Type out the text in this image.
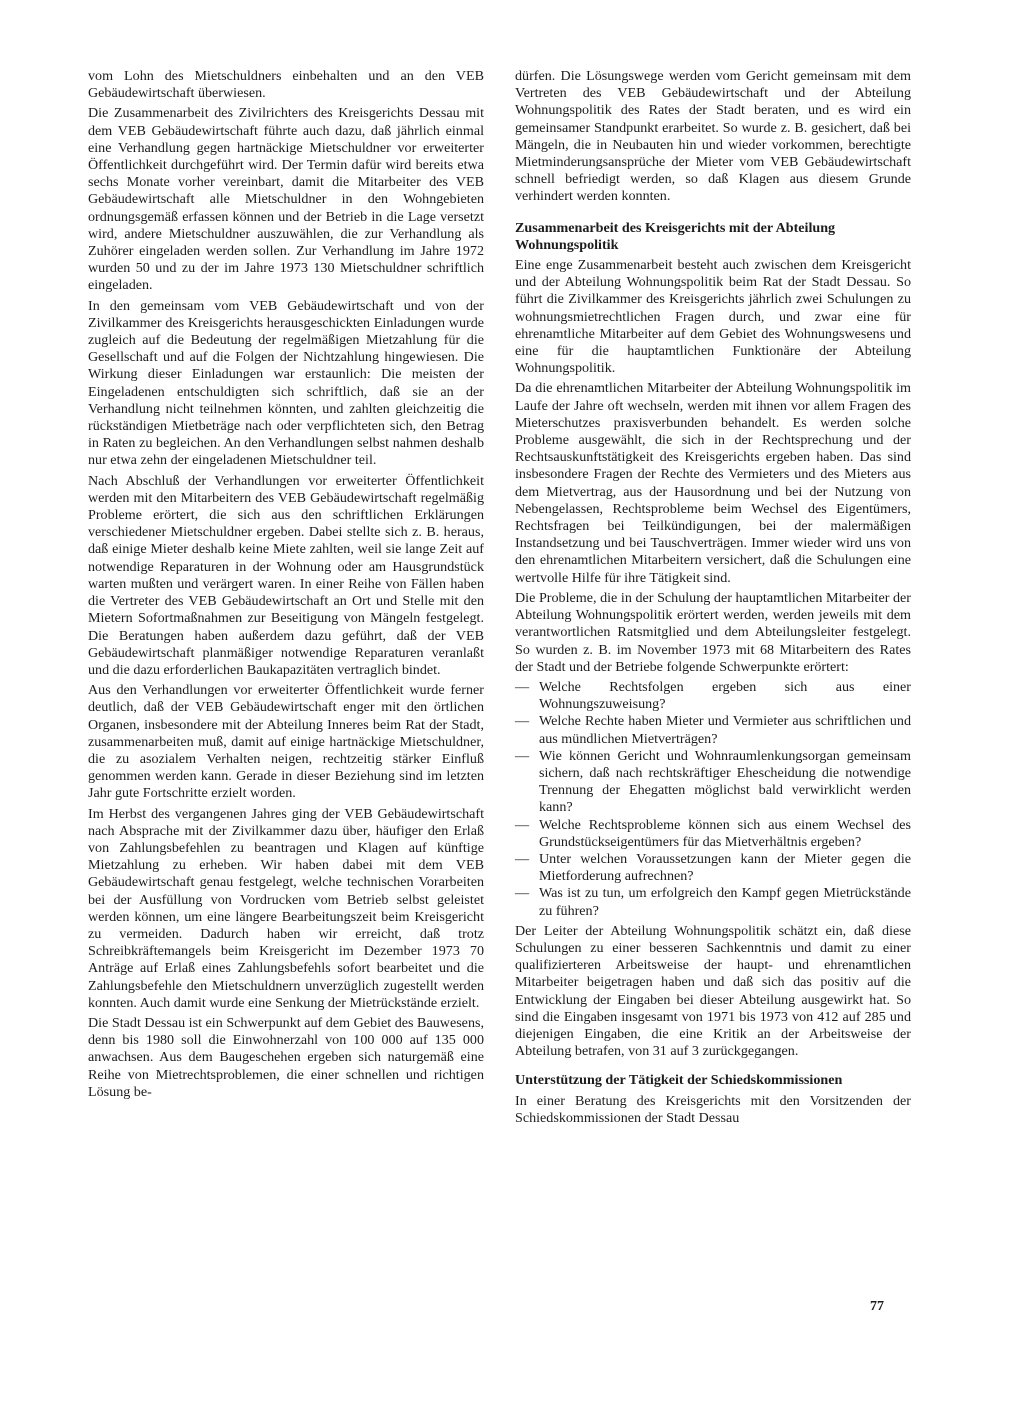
vom Lohn des Mietschuldners einbehalten und an den VEB Gebäudewirtschaft überwiesen.

Die Zusammenarbeit des Zivilrichters des Kreisgerichts Dessau mit dem VEB Gebäudewirtschaft führte auch dazu, daß jährlich einmal eine Verhandlung gegen hartnäckige Mietschuldner vor erweiterter Öffentlichkeit durchgeführt wird. Der Termin dafür wird bereits etwa sechs Monate vorher vereinbart, damit die Mitarbeiter des VEB Gebäudewirtschaft alle Mietschuldner in den Wohngebieten ordnungsgemäß erfassen können und der Betrieb in die Lage versetzt wird, andere Mietschuldner auszuwählen, die zur Verhandlung als Zuhörer eingeladen werden sollen. Zur Verhandlung im Jahre 1972 wurden 50 und zu der im Jahre 1973 130 Mietschuldner schriftlich eingeladen.

In den gemeinsam vom VEB Gebäudewirtschaft und von der Zivilkammer des Kreisgerichts herausgeschickten Einladungen wurde zugleich auf die Bedeutung der regelmäßigen Mietzahlung für die Gesellschaft und auf die Folgen der Nichtzahlung hingewiesen. Die Wirkung dieser Einladungen war erstaunlich: Die meisten der Eingeladenen entschuldigten sich schriftlich, daß sie an der Verhandlung nicht teilnehmen könnten, und zahlten gleichzeitig die rückständigen Mietbeträge nach oder verpflichteten sich, den Betrag in Raten zu begleichen. An den Verhandlungen selbst nahmen deshalb nur etwa zehn der eingeladenen Mietschuldner teil.

Nach Abschluß der Verhandlungen vor erweiterter Öffentlichkeit werden mit den Mitarbeitern des VEB Gebäudewirtschaft regelmäßig Probleme erörtert, die sich aus den schriftlichen Erklärungen verschiedener Mietschuldner ergeben. Dabei stellte sich z. B. heraus, daß einige Mieter deshalb keine Miete zahlten, weil sie lange Zeit auf notwendige Reparaturen in der Wohnung oder am Hausgrundstück warten mußten und verärgert waren. In einer Reihe von Fällen haben die Vertreter des VEB Gebäudewirtschaft an Ort und Stelle mit den Mietern Sofortmaßnahmen zur Beseitigung von Mängeln festgelegt. Die Beratungen haben außerdem dazu geführt, daß der VEB Gebäudewirtschaft planmäßiger notwendige Reparaturen veranlaßt und die dazu erforderlichen Baukapazitäten vertraglich bindet.

Aus den Verhandlungen vor erweiterter Öffentlichkeit wurde ferner deutlich, daß der VEB Gebäudewirtschaft enger mit den örtlichen Organen, insbesondere mit der Abteilung Inneres beim Rat der Stadt, zusammenarbeiten muß, damit auf einige hartnäckige Mietschuldner, die zu asozialem Verhalten neigen, rechtzeitig stärker Einfluß genommen werden kann. Gerade in dieser Beziehung sind im letzten Jahr gute Fortschritte erzielt worden.

Im Herbst des vergangenen Jahres ging der VEB Gebäudewirtschaft nach Absprache mit der Zivilkammer dazu über, häufiger den Erlaß von Zahlungsbefehlen zu beantragen und Klagen auf künftige Mietzahlung zu erheben. Wir haben dabei mit dem VEB Gebäudewirtschaft genau festgelegt, welche technischen Vorarbeiten bei der Ausfüllung von Vordrucken vom Betrieb selbst geleistet werden können, um eine längere Bearbeitungszeit beim Kreisgericht zu vermeiden. Dadurch haben wir erreicht, daß trotz Schreibkräftemangels beim Kreisgericht im Dezember 1973 70 Anträge auf Erlaß eines Zahlungsbefehls sofort bearbeitet und die Zahlungsbefehle den Mietschuldnern unverzüglich zugestellt werden konnten. Auch damit wurde eine Senkung der Mietrückstände erzielt.

Die Stadt Dessau ist ein Schwerpunkt auf dem Gebiet des Bauwesens, denn bis 1980 soll die Einwohnerzahl von 100 000 auf 135 000 anwachsen. Aus dem Baugeschehen ergeben sich naturgemäß eine Reihe von Mietrechtsproblemen, die einer schnellen und richtigen Lösung be-

dürfen. Die Lösungswege werden vom Gericht gemeinsam mit dem Vertreten des VEB Gebäudewirtschaft und der Abteilung Wohnungspolitik des Rates der Stadt beraten, und es wird ein gemeinsamer Standpunkt erarbeitet. So wurde z. B. gesichert, daß bei Mängeln, die in Neubauten hin und wieder vorkommen, berechtigte Mietminderungsansprüche der Mieter vom VEB Gebäudewirtschaft schnell befriedigt werden, so daß Klagen aus diesem Grunde verhindert werden konnten.

Zusammenarbeit des Kreisgerichts mit der Abteilung Wohnungspolitik

Eine enge Zusammenarbeit besteht auch zwischen dem Kreisgericht und der Abteilung Wohnungspolitik beim Rat der Stadt Dessau. So führt die Zivilkammer des Kreisgerichts jährlich zwei Schulungen zu wohnungsmietrechtlichen Fragen durch, und zwar eine für ehrenamtliche Mitarbeiter auf dem Gebiet des Wohnungswesens und eine für die hauptamtlichen Funktionäre der Abteilung Wohnungspolitik.

Da die ehrenamtlichen Mitarbeiter der Abteilung Wohnungspolitik im Laufe der Jahre oft wechseln, werden mit ihnen vor allem Fragen des Mieterschutzes praxisverbunden behandelt. Es werden solche Probleme ausgewählt, die sich in der Rechtsprechung und der Rechtsauskunftstätigkeit des Kreisgerichts ergeben haben. Das sind insbesondere Fragen der Rechte des Vermieters und des Mieters aus dem Mietvertrag, aus der Hausordnung und bei der Nutzung von Nebengelassen, Rechtsprobleme beim Wechsel des Eigentümers, Rechtsfragen bei Teilkündigungen, bei der malermäßigen Instandsetzung und bei Tauschverträgen. Immer wieder wird uns von den ehrenamtlichen Mitarbeitern versichert, daß die Schulungen eine wertvolle Hilfe für ihre Tätigkeit sind.

Die Probleme, die in der Schulung der hauptamtlichen Mitarbeiter der Abteilung Wohnungspolitik erörtert werden, werden jeweils mit dem verantwortlichen Ratsmitglied und dem Abteilungsleiter festgelegt. So wurden z. B. im November 1973 mit 68 Mitarbeitern des Rates der Stadt und der Betriebe folgende Schwerpunkte erörtert:

— Welche Rechtsfolgen ergeben sich aus einer Wohnungszuweisung?
— Welche Rechte haben Mieter und Vermieter aus schriftlichen und aus mündlichen Mietverträgen?
— Wie können Gericht und Wohnraumlenkungsorgan gemeinsam sichern, daß nach rechtskräftiger Ehescheidung die notwendige Trennung der Ehegatten möglichst bald verwirklicht werden kann?
— Welche Rechtsprobleme können sich aus einem Wechsel des Grundstückseigentümers für das Mietverhältnis ergeben?
— Unter welchen Voraussetzungen kann der Mieter gegen die Mietforderung aufrechnen?
— Was ist zu tun, um erfolgreich den Kampf gegen Mietrückstände zu führen?

Der Leiter der Abteilung Wohnungspolitik schätzt ein, daß diese Schulungen zu einer besseren Sachkenntnis und damit zu einer qualifizierteren Arbeitsweise der haupt- und ehrenamtlichen Mitarbeiter beigetragen haben und daß sich das positiv auf die Entwicklung der Eingaben bei dieser Abteilung ausgewirkt hat. So sind die Eingaben insgesamt von 1971 bis 1973 von 412 auf 285 und diejenigen Eingaben, die eine Kritik an der Arbeitsweise der Abteilung betrafen, von 31 auf 3 zurückgegangen.

Unterstützung der Tätigkeit der Schiedskommissionen

In einer Beratung des Kreisgerichts mit den Vorsitzenden der Schiedskommissionen der Stadt Dessau

77
